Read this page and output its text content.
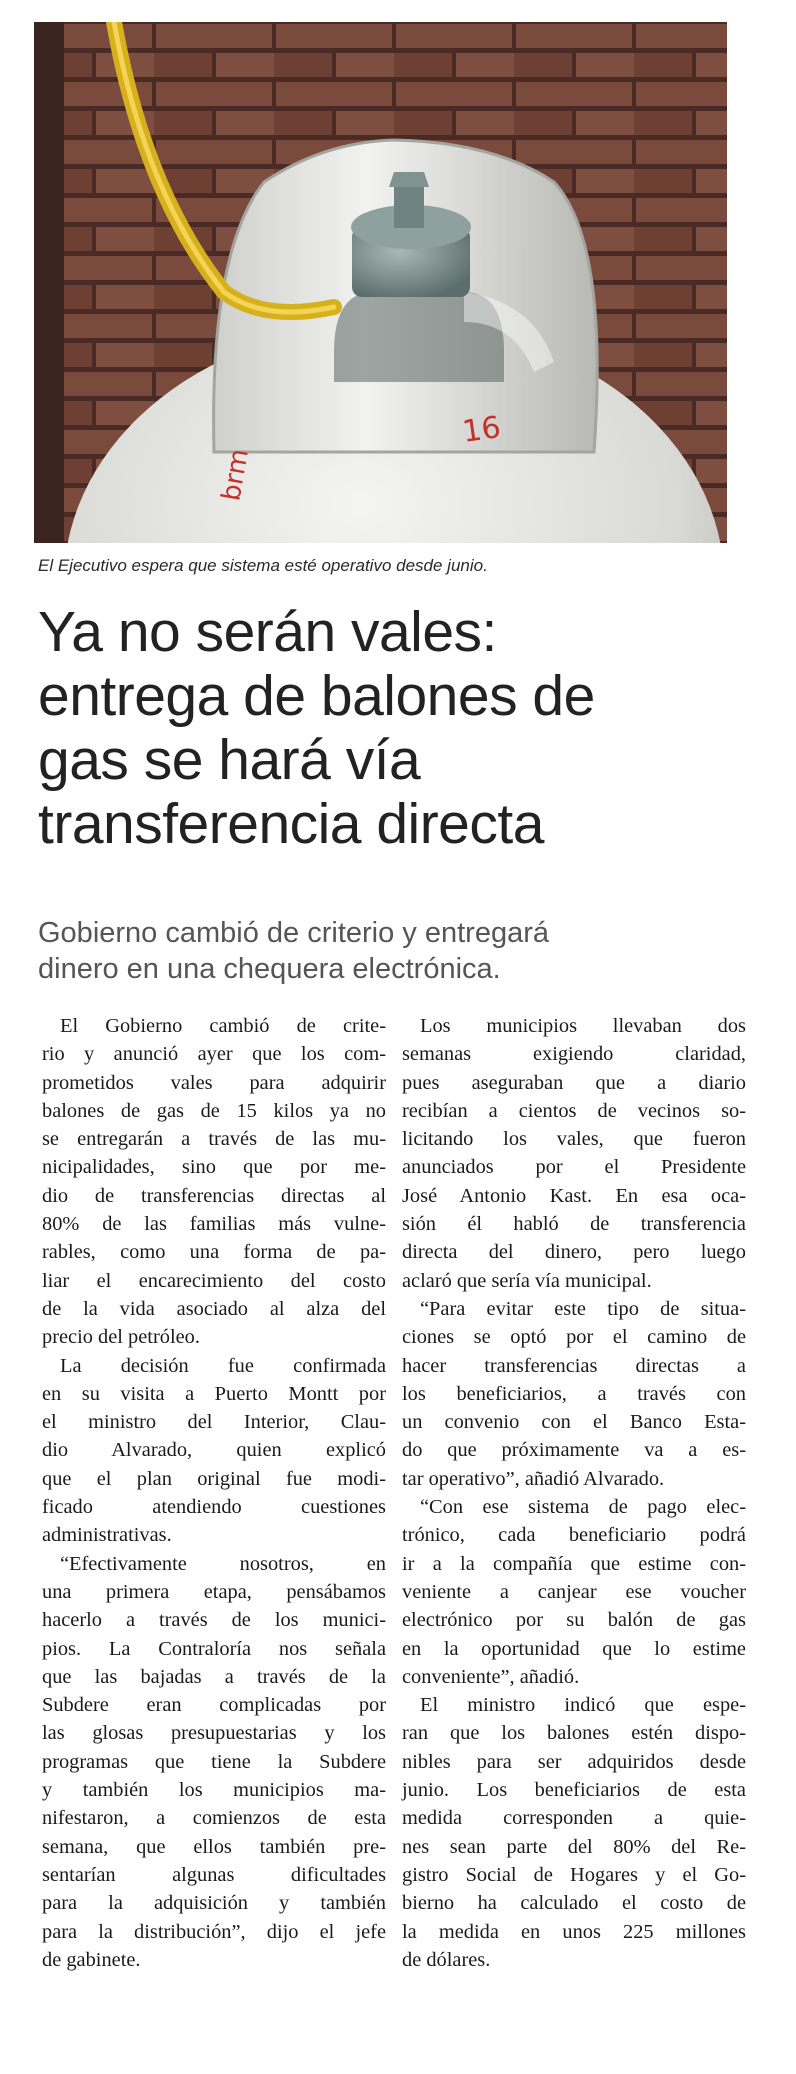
16
brm
El Ejecutivo espera que sistema esté operativo desde junio.
Ya no serán vales:
entrega de balones de
gas se hará vía
transferencia directa
Gobierno cambió de criterio y entregará
dinero en una chequera electrónica.
El Gobierno cambió de crite-
rio y anunció ayer que los com-
prometidos vales para adquirir
balones de gas de 15 kilos ya no
se entregarán a través de las mu-
nicipalidades, sino que por me-
dio de transferencias directas al
80% de las familias más vulne-
rables, como una forma de pa-
liar el encarecimiento del costo
de la vida asociado al alza del
precio del petróleo.
La decisión fue confirmada
en su visita a Puerto Montt por
el ministro del Interior, Clau-
dio Alvarado, quien explicó
que el plan original fue modi-
ficado atendiendo cuestiones
administrativas.
“Efectivamente nosotros, en
una primera etapa, pensábamos
hacerlo a través de los munici-
pios. La Contraloría nos señala
que las bajadas a través de la
Subdere eran complicadas por
las glosas presupuestarias y los
programas que tiene la Subdere
y también los municipios ma-
nifestaron, a comienzos de esta
semana, que ellos también pre-
sentarían algunas dificultades
para la adquisición y también
para la distribución”, dijo el jefe
de gabinete.
Los municipios llevaban dos
semanas exigiendo claridad,
pues aseguraban que a diario
recibían a cientos de vecinos so-
licitando los vales, que fueron
anunciados por el Presidente
José Antonio Kast. En esa oca-
sión él habló de transferencia
directa del dinero, pero luego
aclaró que sería vía municipal.
“Para evitar este tipo de situa-
ciones se optó por el camino de
hacer transferencias directas a
los beneficiarios, a través con
un convenio con el Banco Esta-
do que próximamente va a es-
tar operativo”, añadió Alvarado.
“Con ese sistema de pago elec-
trónico, cada beneficiario podrá
ir a la compañía que estime con-
veniente a canjear ese voucher
electrónico por su balón de gas
en la oportunidad que lo estime
conveniente”, añadió.
El ministro indicó que espe-
ran que los balones estén dispo-
nibles para ser adquiridos desde
junio. Los beneficiarios de esta
medida corresponden a quie-
nes sean parte del 80% del Re-
gistro Social de Hogares y el Go-
bierno ha calculado el costo de
la medida en unos 225 millones
de dólares.
